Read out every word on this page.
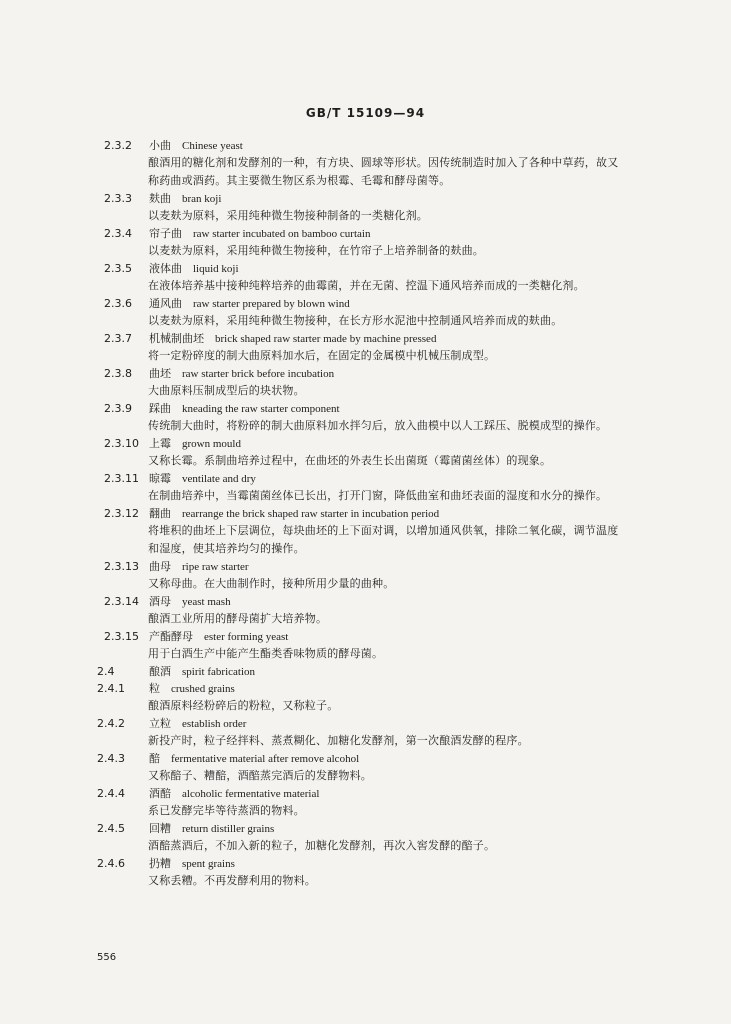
GB/T 15109—94
2.3.2 小曲  Chinese yeast
酿酒用的糖化剂和发酵剂的一种，有方块、圆球等形状。因传统制造时加入了各种中草药，故又
称药曲或酒药。其主要微生物区系为根霉、毛霉和酵母菌等。
2.3.3 麸曲  bran koji
以麦麸为原料，采用纯种微生物接种制备的一类糖化剂。
2.3.4 帘子曲  raw starter incubated on bamboo curtain
以麦麸为原料，采用纯种微生物接种，在竹帘子上培养制备的麸曲。
2.3.5 液体曲  liquid koji
在液体培养基中接种纯粹培养的曲霉菌，并在无菌、控温下通风培养而成的一类糖化剂。
2.3.6 通风曲  raw starter prepared by blown wind
以麦麸为原料，采用纯种微生物接种，在长方形水泥池中控制通风培养而成的麸曲。
2.3.7 机械制曲坯  brick shaped raw starter made by machine pressed
将一定粉碎度的制大曲原料加水后，在固定的金属模中机械压制成型。
2.3.8 曲坯  raw starter brick before incubation
大曲原料压制成型后的块状物。
2.3.9 踩曲  kneading the raw starter component
传统制大曲时，将粉碎的制大曲原料加水拌匀后，放入曲模中以人工踩压、脱模成型的操作。
2.3.10 上霉  grown mould
又称长霉。系制曲培养过程中，在曲坯的外表生长出菌斑（霉菌菌丝体）的现象。
2.3.11 晾霉  ventilate and dry
在制曲培养中，当霉菌菌丝体已长出，打开门窗，降低曲室和曲坯表面的湿度和水分的操作。
2.3.12 翻曲  rearrange the brick shaped raw starter in incubation period
将堆积的曲坯上下层调位，每块曲坯的上下面对调，以增加通风供氧，排除二氧化碳，调节温度
和湿度，使其培养均匀的操作。
2.3.13 曲母  ripe raw starter
又称母曲。在大曲制作时，接种所用少量的曲种。
2.3.14 酒母  yeast mash
酿酒工业所用的酵母菌扩大培养物。
2.3.15 产酯酵母  ester forming yeast
用于白酒生产中能产生酯类香味物质的酵母菌。
2.4	酿酒  spirit fabrication
2.4.1 粒  crushed grains
酿酒原料经粉碎后的粉粒，又称粒子。
2.4.2 立粒  establish order
新投产时，粒子经拌料、蒸煮糊化、加糖化发酵剂，第一次酿酒发酵的程序。
2.4.3 醅  fermentative material after remove alcohol
又称醅子、糟醅，酒醅蒸完酒后的发酵物料。
2.4.4 酒醅  alcoholic fermentative material
系已发酵完毕等待蒸酒的物料。
2.4.5 回糟  return distiller grains
酒醅蒸酒后，不加入新的粒子，加糖化发酵剂，再次入窖发酵的醅子。
2.4.6 扔糟  spent grains
又称丢糟。不再发酵利用的物料。
556
